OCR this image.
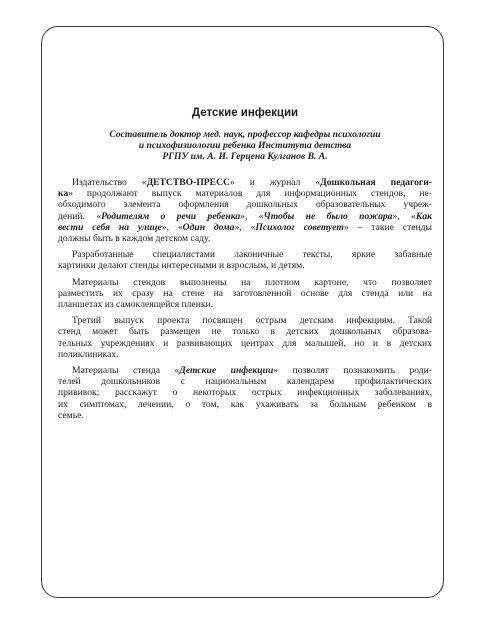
Детские инфекции
Составитель доктор мед. наук, профессор кафедры психологии
и психофизиологии ребенка Института детства
РГПУ им. А. И. Герцена Кулганов В. А.

Издательство «ДЕТСТВО-ПРЕСС» и журнал «Дошкольная педагоги-
ка» продолжают выпуск материалов для информационных стендов, не-
обходимого элемента оформления дошкольных образовательных учреж-
дений. «Родителям о речи ребенка», «Чтобы не было пожара», «Как
вести себя на улице», «Один дома», «Психолог советует» – такие стенды
должны быть в каждом детском саду.

Разработанные специалистами лаконичные тексты, яркие забавные
картинки делают стенды интересными и взрослым, и детям.

Материалы стендов выполнены на плотном картоне, что позволяет
разместить их сразу на стене на заготовленной основе для стенда или на
планшетах из самоклеящейся пленки.

Третий выпуск проекта посвящен острым детским инфекциям. Такой
стенд может быть размещен не только в детских дошкольных образова-
тельных учреждениях и развивающих центрах для малышей, но и в детских
поликлиниках.

Материалы стенда «Детские инфекции» позволят познакомить роди-
телей дошкольников с национальным календарем профилактических
прививок; расскажут о некоторых острых инфекционных заболеваниях,
их симптомах, лечении, о том, как ухаживать за больным ребенком в
семье.
